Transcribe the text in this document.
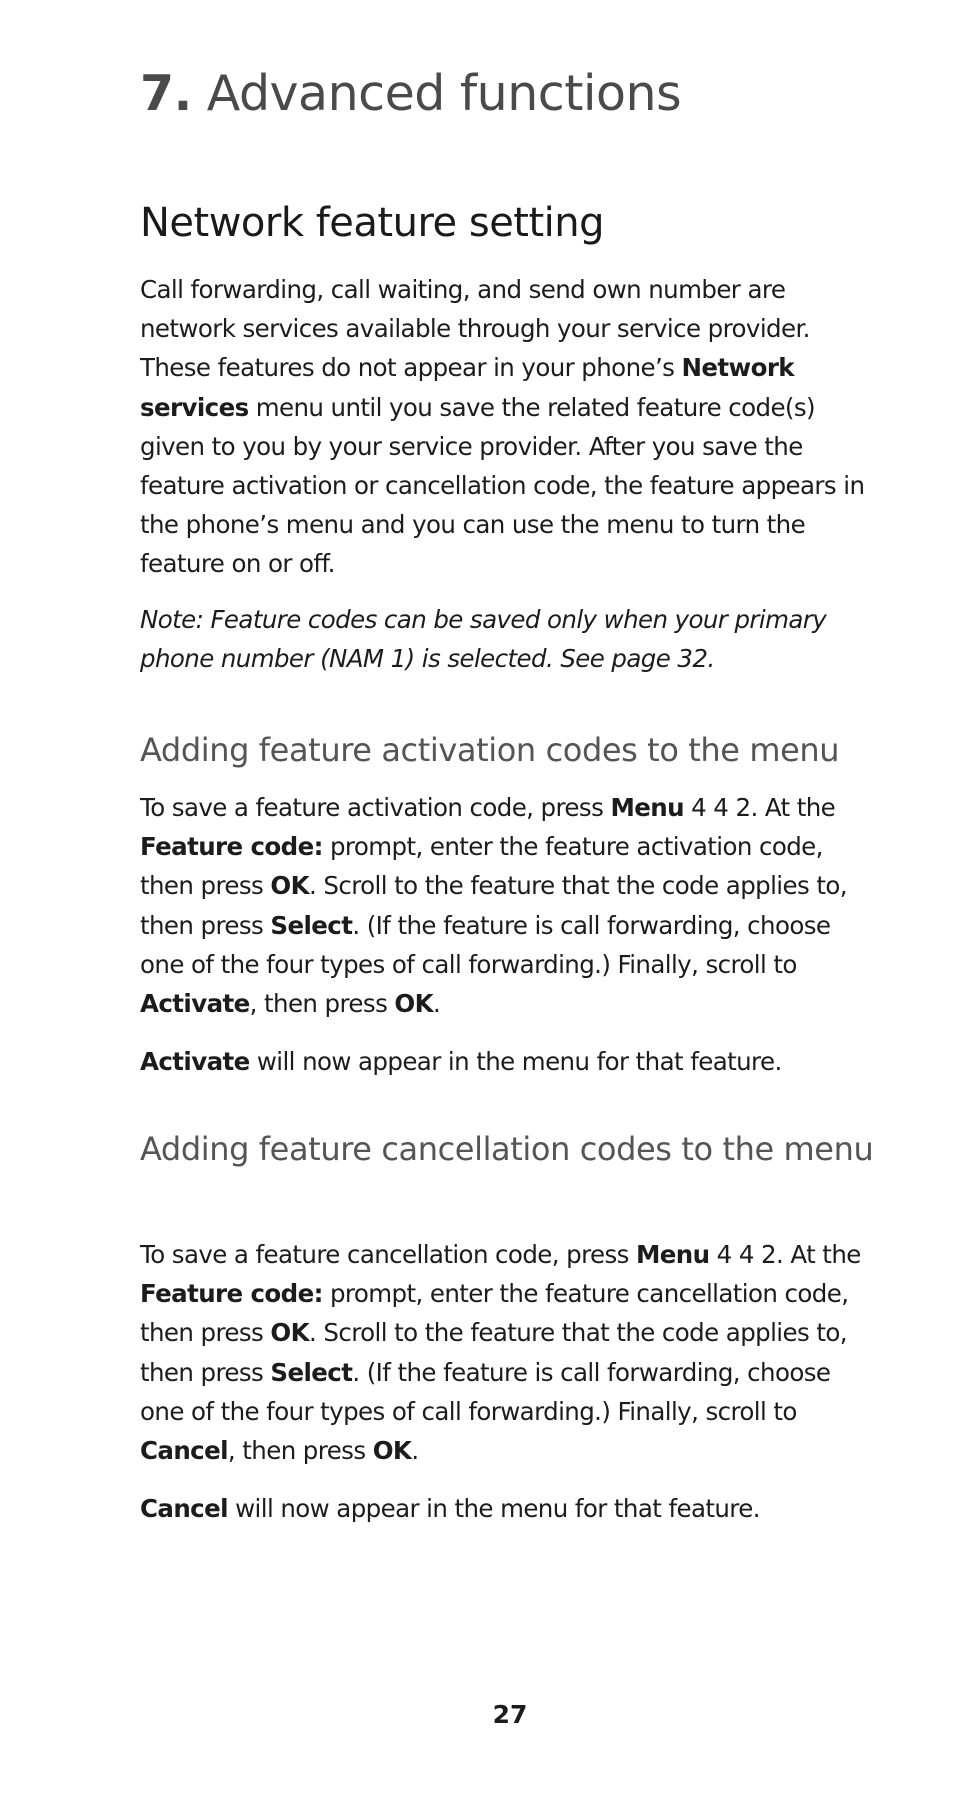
7. Advanced functions
Network feature setting

Call forwarding, call waiting, and send own number are network services available through your service provider. These features do not appear in your phone’s Network services menu until you save the related feature code(s) given to you by your service provider. After you save the feature activation or cancellation code, the feature appears in the phone’s menu and you can use the menu to turn the feature on or off.

Note: Feature codes can be saved only when your primary phone number (NAM 1) is selected. See page 32.

Adding feature activation codes to the menu

To save a feature activation code, press Menu 4 4 2. At the Feature code: prompt, enter the feature activation code, then press OK. Scroll to the feature that the code applies to, then press Select. (If the feature is call forwarding, choose one of the four types of call forwarding.) Finally, scroll to Activate, then press OK.

Activate will now appear in the menu for that feature.

Adding feature cancellation codes to the menu

To save a feature cancellation code, press Menu 4 4 2. At the Feature code: prompt, enter the feature cancellation code, then press OK. Scroll to the feature that the code applies to, then press Select. (If the feature is call forwarding, choose one of the four types of call forwarding.) Finally, scroll to Cancel, then press OK.

Cancel will now appear in the menu for that feature.

27
